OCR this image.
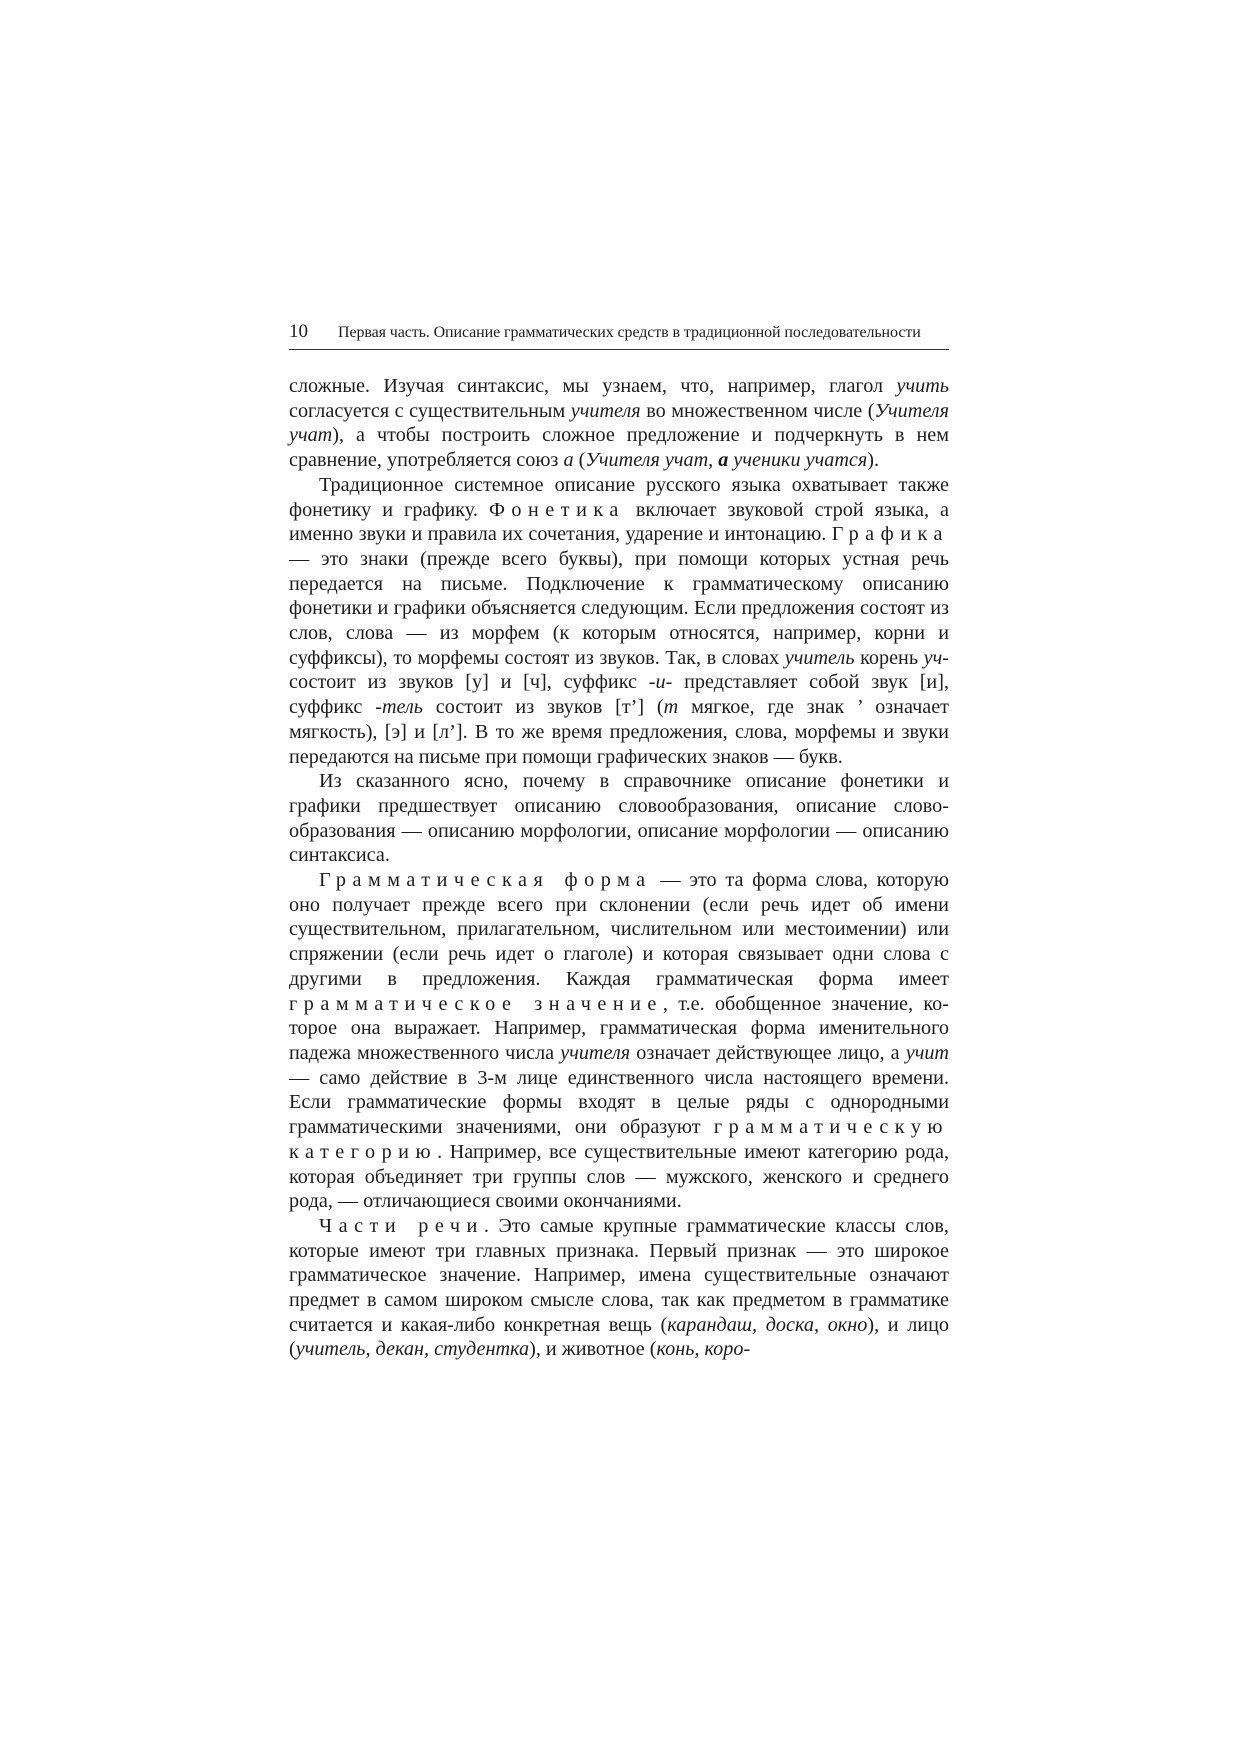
10 Первая часть. Описание грамматических средств в традиционной последовательности

сложные. Изучая синтаксис, мы узнаем, что, например, глагол учить согласуется с существительным учителя во множественном числе (Учителя учат), а чтобы построить сложное предложение и подчеркнуть в нем сравнение, употребляется союз а (Учителя учат, а ученики учатся).

Традиционное системное описание русского языка охватывает также фонетику и графику. Фонетика включает звуковой строй языка, а именно звуки и правила их сочетания, ударение и интонацию. Графика — это знаки (прежде всего буквы), при помощи которых устная речь передается на письме. Подключение к грамматическому описанию фонетики и графики объясняется следующим. Если предложения состоят из слов, слова — из морфем (к которым относятся, например, корни и суффиксы), то морфемы состоят из звуков. Так, в словах учитель корень уч- состоит из звуков [у] и [ч], суффикс -и- представляет собой звук [и], суффикс -тель состоит из звуков [т’] (т мягкое, где знак ’ означает мягкость), [э] и [л’]. В то же время предложения, слова, морфемы и звуки передаются на письме при помощи графических знаков — букв.

Из сказанного ясно, почему в справочнике описание фонетики и графики предшествует описанию словообразования, описание словообразования — описанию морфологии, описание морфологии — описанию синтаксиса.

Грамматическая форма — это та форма слова, которую оно получает прежде всего при склонении (если речь идет об имени существительном, прилагательном, числительном или местоимении) или спряжении (если речь идет о глаголе) и которая связывает одни слова с другими в предложения. Каждая грамматическая форма имеет грамматическое значение, т.е. обобщенное значение, которое она выражает. Например, грамматическая форма именительного падежа множественного числа учителя означает действующее лицо, а учит — само действие в 3-м лице единственного числа настоящего времени. Если грамматические формы входят в целые ряды с однородными грамматическими значениями, они образуют грамматическую категорию. Например, все существительные имеют категорию рода, которая объединяет три группы слов — мужского, женского и среднего рода, — отличающиеся своими окончаниями.

Части речи. Это самые крупные грамматические классы слов, которые имеют три главных признака. Первый признак — это широкое грамматическое значение. Например, имена существительные означают предмет в самом широком смысле слова, так как предметом в грамматике считается и какая-либо конкретная вещь (карандаш, доска, окно), и лицо (учитель, декан, студентка), и животное (конь, коро-
